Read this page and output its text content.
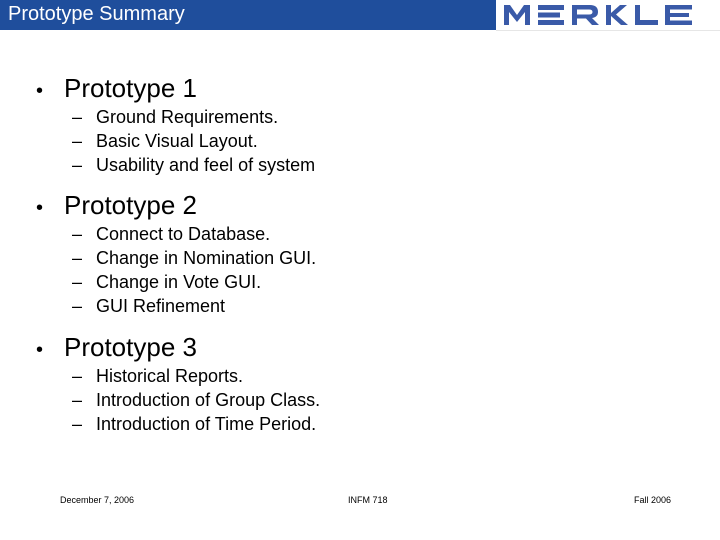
Prototype Summary
• Prototype 1
– Ground Requirements.
– Basic Visual Layout.
– Usability and feel of system
• Prototype 2
– Connect to Database.
– Change in Nomination GUI.
– Change in Vote GUI.
– GUI Refinement
• Prototype 3
– Historical Reports.
– Introduction of Group Class.
– Introduction of Time Period.
December 7, 2006	INFM 718	Fall 2006
